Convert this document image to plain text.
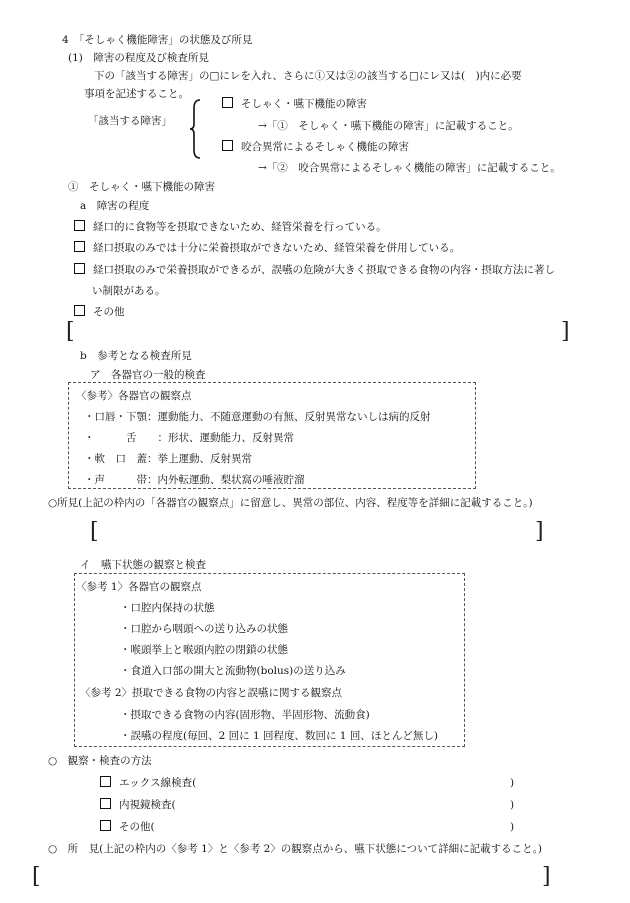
4　「そしゃく機能障害」の状態及び所見
(1)　障害の程度及び検査所見
下の「該当する障害」の□にレを入れ、さらに①又は②の該当する□にレ又は(　)内に必要
事項を記述すること。
「該当する障害」
そしゃく・嚥下機能の障害
→「①　そしゃく・嚥下機能の障害」に記載すること。
咬合異常によるそしゃく機能の障害
→「②　咬合異常によるそしゃく機能の障害」に記載すること。
①　そしゃく・嚥下機能の障害
a　障害の程度
経口的に食物等を摂取できないため、経管栄養を行っている。
経口摂取のみでは十分に栄養摂取ができないため、経管栄養を併用している。
経口摂取のみで栄養摂取ができるが、誤嚥の危険が大きく摂取できる食物の内容・摂取方法に著し
い制限がある。
その他
[	]
b　参考となる検査所見
ア　各器官の一般的検査
〈参考〉各器官の観察点
・口唇・下顎：運動能力、不随意運動の有無、反射異常ないしは病的反射
・　　　舌　　：形状、運動能力、反射異常
・軟　口　蓋：挙上運動、反射異常
・声　　　帯：内外転運動、梨状窩の唾液貯溜
○所見(上記の枠内の「各器官の観察点」に留意し、異常の部位、内容、程度等を詳細に記載すること。)
[	]
イ　嚥下状態の観察と検査
〈参考 1〉各器官の観察点
・口腔内保持の状態
・口腔から咽頭への送り込みの状態
・喉頭挙上と喉頭内腔の閉鎖の状態
・食道入口部の開大と流動物(bolus)の送り込み
〈参考 2〉摂取できる食物の内容と誤嚥に関する観察点
・摂取できる食物の内容(固形物、半固形物、流動食)
・誤嚥の程度(毎回、2 回に 1 回程度、数回に 1 回、ほとんど無し)
○　観察・検査の方法
エックス線検査(	)
内視鏡検査(	)
その他(	)
○　所　見(上記の枠内の〈参考 1〉と〈参考 2〉の観察点から、嚥下状態について詳細に記載すること。)
[	]
